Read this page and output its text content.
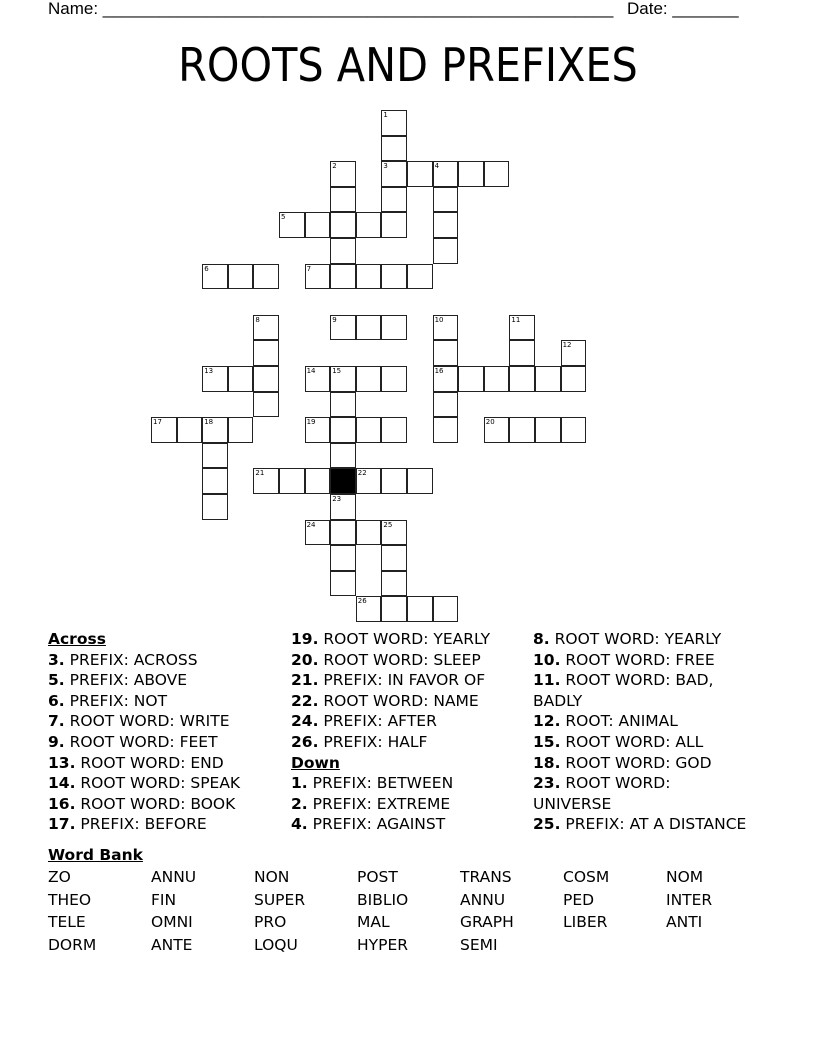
Name: ______________________________________________________ Date: _______
ROOTS AND PREFIXES
1
3
2	4
5
6	7
8	9	10
16
11
12
13	14 15
17	18	19	20
21	22
23
24	25
26
Across
3. PREFIX: ACROSS
5. PREFIX: ABOVE
6. PREFIX: NOT
7. ROOT WORD: WRITE
9. ROOT WORD: FEET
13. ROOT WORD: END
14. ROOT WORD: SPEAK
16. ROOT WORD: BOOK
17. PREFIX: BEFORE
19. ROOT WORD: YEARLY
20. ROOT WORD: SLEEP
21. PREFIX: IN FAVOR OF
22. ROOT WORD: NAME
24. PREFIX: AFTER
26. PREFIX: HALF
Down
1. PREFIX: BETWEEN
2. PREFIX: EXTREME
4. PREFIX: AGAINST
8. ROOT WORD: YEARLY
10. ROOT WORD: FREE
11. ROOT WORD: BAD, BADLY
12. ROOT: ANIMAL
15. ROOT WORD: ALL
18. ROOT WORD: GOD
23. ROOT WORD: UNIVERSE
25. PREFIX: AT A DISTANCE
Word Bank
ZO	ANNU	NON	POST	TRANS	COSM	NOM
THEO	FIN	SUPER	BIBLIO	ANNU	PED	INTER
TELE	OMNI	PRO	MAL	GRAPH	LIBER	ANTI
DORM	ANTE	LOQU	HYPER	SEMI
